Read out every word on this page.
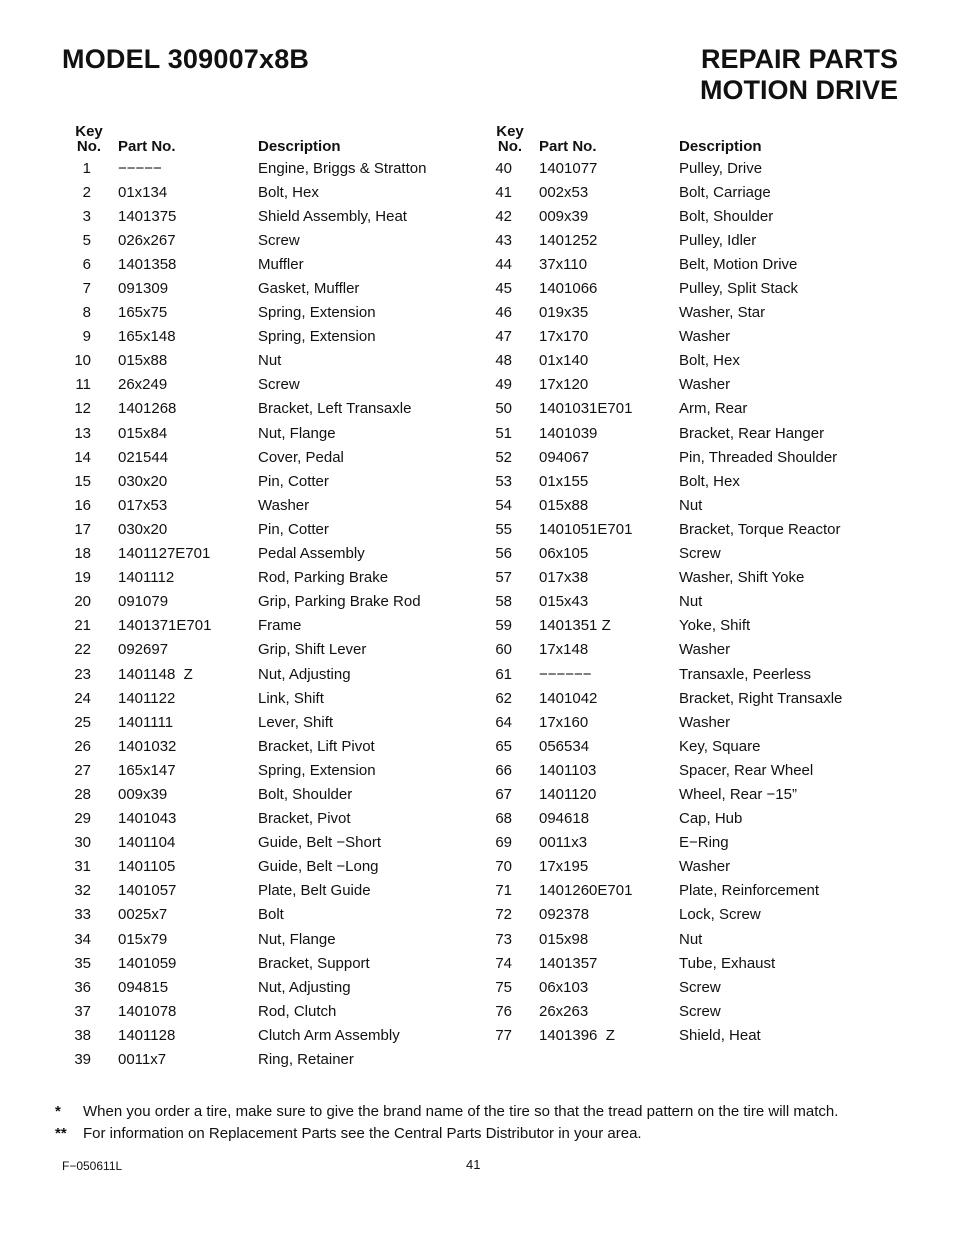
MODEL 309007x8B	REPAIR PARTS
MOTION DRIVE
Key
No.	Part No.	Description
1	−−−−−	Engine, Briggs & Stratton
2	01x134	Bolt, Hex
3	1401375	Shield Assembly, Heat
5	026x267	Screw
6	1401358	Muffler
7	091309	Gasket, Muffler
8	165x75	Spring, Extension
9	165x148	Spring, Extension
10	015x88	Nut
11	26x249	Screw
12	1401268	Bracket, Left Transaxle
13	015x84	Nut, Flange
14	021544	Cover, Pedal
15	030x20	Pin, Cotter
16	017x53	Washer
17	030x20	Pin, Cotter
18	1401127E701	Pedal Assembly
19	1401112	Rod, Parking Brake
20	091079	Grip, Parking Brake Rod
21	1401371E701	Frame
22	092697	Grip, Shift Lever
23	1401148  Z	Nut, Adjusting
24	1401122	Link, Shift
25	1401111	Lever, Shift
26	1401032	Bracket, Lift Pivot
27	165x147	Spring, Extension
28	009x39	Bolt, Shoulder
29	1401043	Bracket, Pivot
30	1401104	Guide, Belt −Short
31	1401105	Guide, Belt −Long
32	1401057	Plate, Belt Guide
33	0025x7	Bolt
34	015x79	Nut, Flange
35	1401059	Bracket, Support
36	094815	Nut, Adjusting
37	1401078	Rod, Clutch
38	1401128	Clutch Arm Assembly
39	0011x7	Ring, Retainer
Key
No.	Part No.	Description
40	1401077	Pulley, Drive
41	002x53	Bolt, Carriage
42	009x39	Bolt, Shoulder
43	1401252	Pulley, Idler
44	37x110	Belt, Motion Drive
45	1401066	Pulley, Split Stack
46	019x35	Washer, Star
47	17x170	Washer
48	01x140	Bolt, Hex
49	17x120	Washer
50	1401031E701	Arm, Rear
51	1401039	Bracket, Rear Hanger
52	094067	Pin, Threaded Shoulder
53	01x155	Bolt, Hex
54	015x88	Nut
55	1401051E701	Bracket, Torque Reactor
56	06x105	Screw
57	017x38	Washer, Shift Yoke
58	015x43	Nut
59	1401351 Z	Yoke, Shift
60	17x148	Washer
61	−−−−−−	Transaxle, Peerless
62	1401042	Bracket, Right Transaxle
64	17x160	Washer
65	056534	Key, Square
66	1401103	Spacer, Rear Wheel
67	1401120	Wheel, Rear −15”
68	094618	Cap, Hub
69	0011x3	E−Ring
70	17x195	Washer
71	1401260E701	Plate, Reinforcement
72	092378	Lock, Screw
73	015x98	Nut
74	1401357	Tube, Exhaust
75	06x103	Screw
76	26x263	Screw
77	1401396  Z	Shield, Heat
*	When you order a tire, make sure to give the brand name of the tire so that the tread pattern on the tire will match.
**	For information on Replacement Parts see the Central Parts Distributor in your area.
F−050611L	41
